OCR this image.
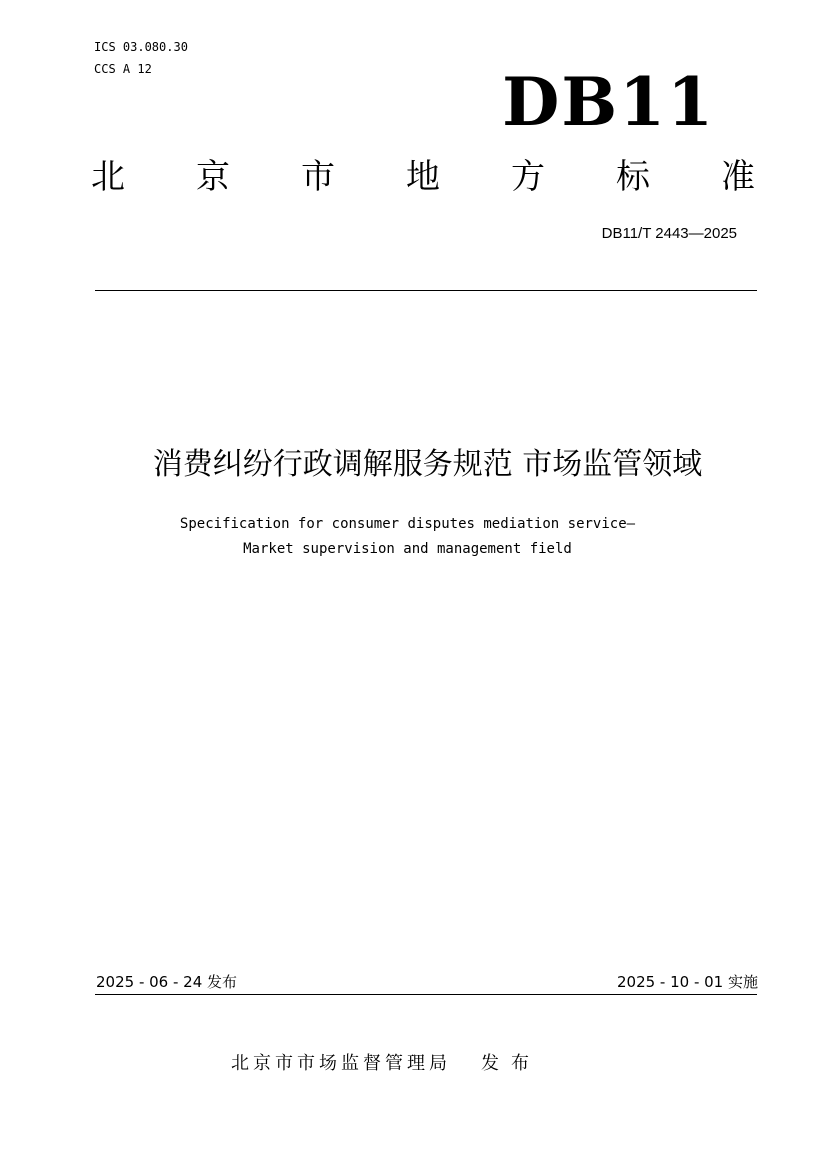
ICS 03.080.30
CCS A 12	DB11
北 京 市 地 方 标 准
DB11/T 2443—2025
消费纠纷行政调解服务规范 市场监管领域
Specification for consumer disputes mediation service—
Market supervision and management field
2025 - 06 - 24 发布	2025 - 10 - 01 实施
北京市市场监督管理局 发布
